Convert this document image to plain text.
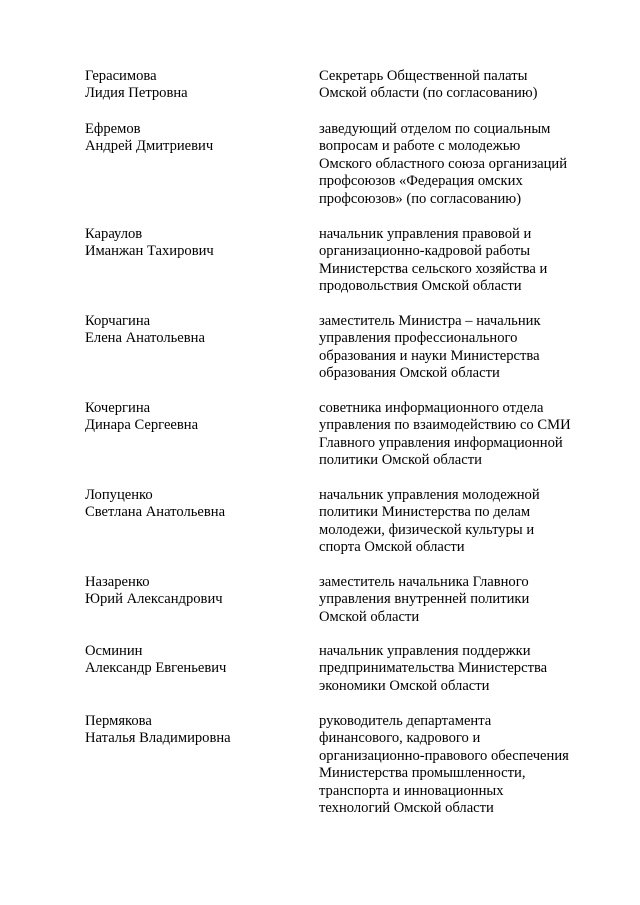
Герасимова
Лидия Петровна
Секретарь Общественной палаты
Омской области (по согласованию)
Ефремов
Андрей Дмитриевич
заведующий отделом по социальным
вопросам и работе с молодежью
Омского областного союза организаций
профсоюзов «Федерация омских
профсоюзов» (по согласованию)
Караулов
Иманжан Тахирович
начальник управления правовой и
организационно-кадровой работы
Министерства сельского хозяйства и
продовольствия Омской области
Корчагина
Елена Анатольевна
заместитель Министра – начальник
управления профессионального
образования и науки Министерства
образования Омской области
Кочергина
Динара Сергеевна
советника информационного отдела
управления по взаимодействию со СМИ
Главного управления информационной
политики Омской области
Лопуценко
Светлана Анатольевна
начальник управления молодежной
политики Министерства по делам
молодежи, физической культуры и
спорта Омской области
Назаренко
Юрий Александрович
заместитель начальника Главного
управления внутренней политики
Омской области
Осминин
Александр Евгеньевич
начальник управления поддержки
предпринимательства Министерства
экономики Омской области
Пермякова
Наталья Владимировна
руководитель департамента
финансового, кадрового и
организационно-правового обеспечения
Министерства промышленности,
транспорта и инновационных
технологий Омской области
